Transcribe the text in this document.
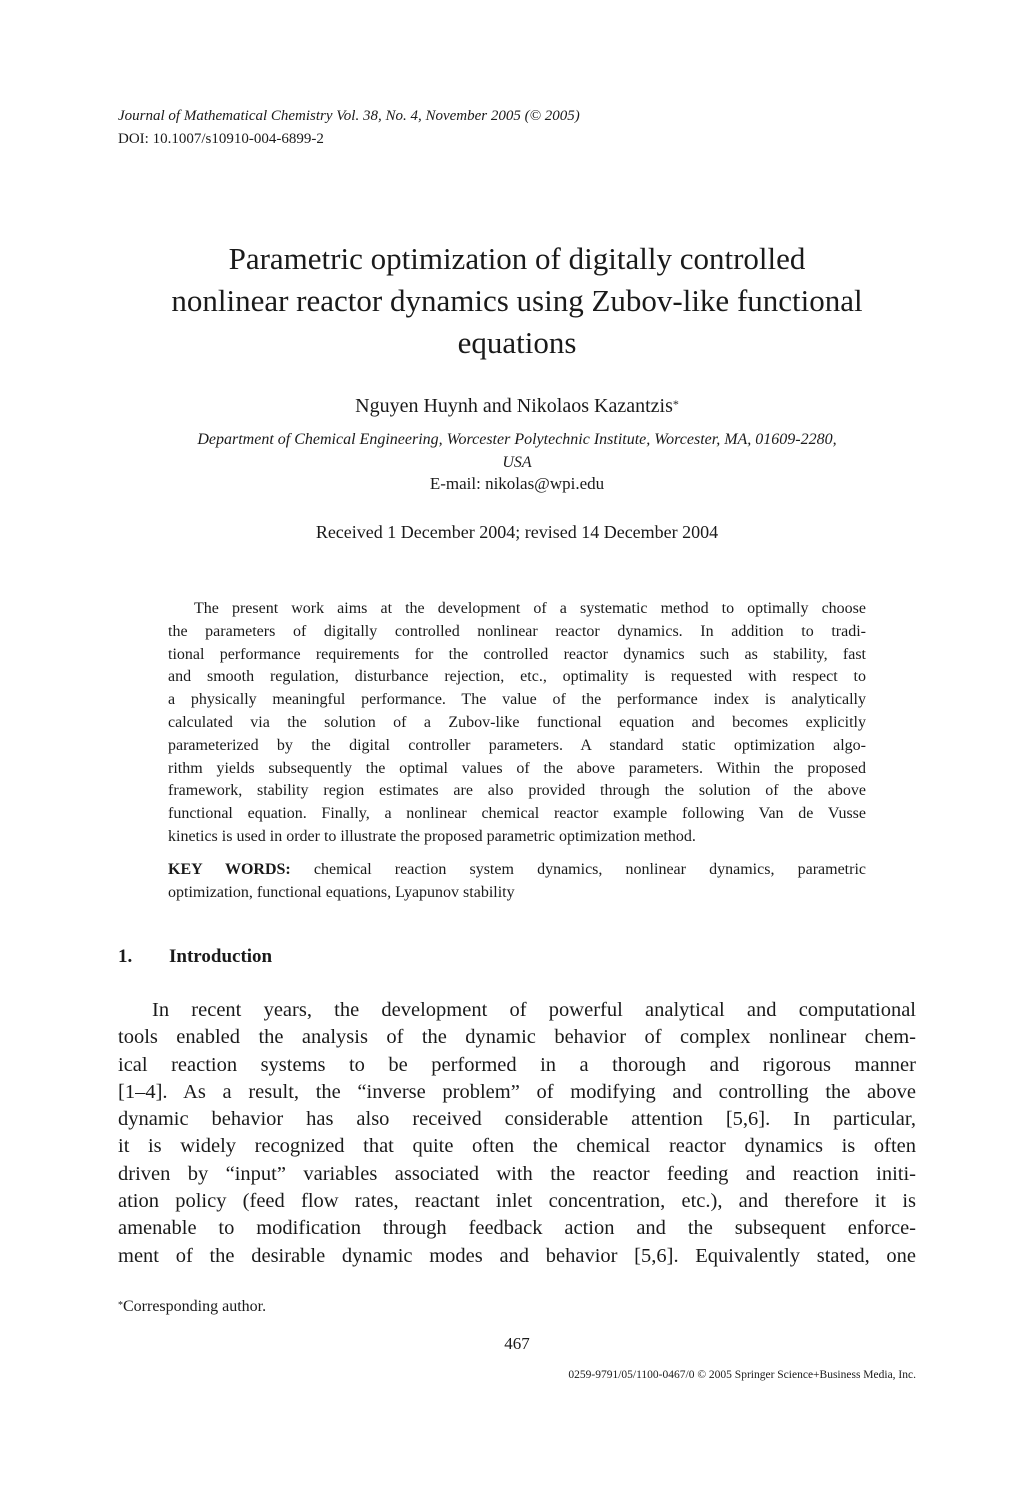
Journal of Mathematical Chemistry Vol. 38, No. 4, November 2005 (© 2005)
DOI: 10.1007/s10910-004-6899-2
Parametric optimization of digitally controlled
nonlinear reactor dynamics using Zubov-like functional
equations
Nguyen Huynh and Nikolaos Kazantzis*
Department of Chemical Engineering, Worcester Polytechnic Institute, Worcester, MA, 01609-2280,
USA
E-mail: nikolas@wpi.edu
Received 1 December 2004; revised 14 December 2004
The present work aims at the development of a systematic method to optimally choose
the parameters of digitally controlled nonlinear reactor dynamics. In addition to tradi-
tional performance requirements for the controlled reactor dynamics such as stability, fast
and smooth regulation, disturbance rejection, etc., optimality is requested with respect to
a physically meaningful performance. The value of the performance index is analytically
calculated via the solution of a Zubov-like functional equation and becomes explicitly
parameterized by the digital controller parameters. A standard static optimization algo-
rithm yields subsequently the optimal values of the above parameters. Within the proposed
framework, stability region estimates are also provided through the solution of the above
functional equation. Finally, a nonlinear chemical reactor example following Van de Vusse
kinetics is used in order to illustrate the proposed parametric optimization method.
KEY WORDS: chemical reaction system dynamics, nonlinear dynamics, parametric
optimization, functional equations, Lyapunov stability
1. Introduction
In recent years, the development of powerful analytical and computational
tools enabled the analysis of the dynamic behavior of complex nonlinear chem-
ical reaction systems to be performed in a thorough and rigorous manner
[1–4]. As a result, the “inverse problem” of modifying and controlling the above
dynamic behavior has also received considerable attention [5,6]. In particular,
it is widely recognized that quite often the chemical reactor dynamics is often
driven by “input” variables associated with the reactor feeding and reaction initi-
ation policy (feed flow rates, reactant inlet concentration, etc.), and therefore it is
amenable to modification through feedback action and the subsequent enforce-
ment of the desirable dynamic modes and behavior [5,6]. Equivalently stated, one
*Corresponding author.
467
0259-9791/05/1100-0467/0 © 2005 Springer Science+Business Media, Inc.
